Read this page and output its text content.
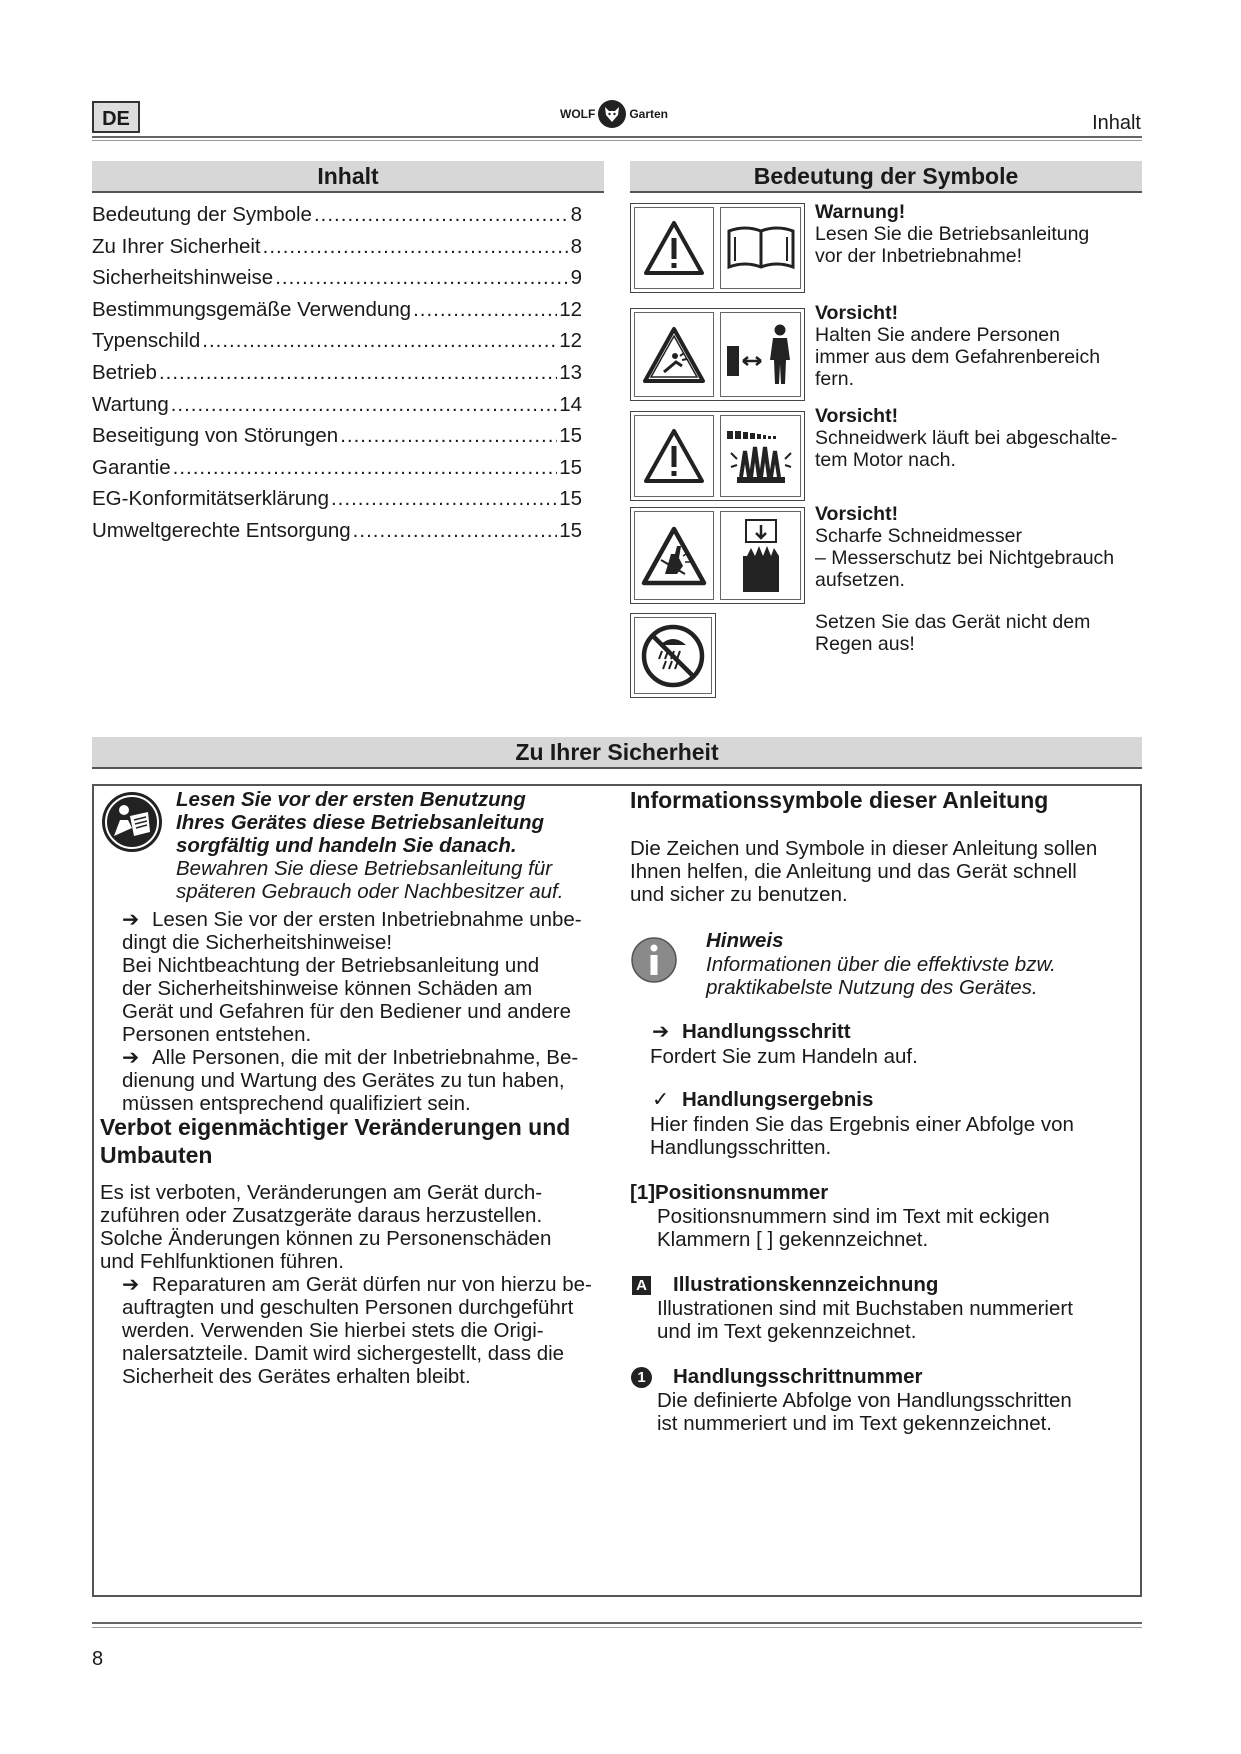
DE	WOLF	Garten	Inhalt
Inhalt
Bedeutung der Symbole .....	8
Zu Ihrer Sicherheit .....	8
Sicherheitshinweise .....	9
Bestimmungsgemäße Verwendung .....	12
Typenschild .....	12
Betrieb .....	13
Wartung .....	14
Beseitigung von Störungen .....	15
Garantie .....	15
EG-Konformitätserklärung .....	15
Umweltgerechte Entsorgung .....	15
Bedeutung der Symbole
Warnung!
Lesen Sie die Betriebsanleitung
vor der Inbetriebnahme!
Vorsicht!
Halten Sie andere Personen
immer aus dem Gefahrenbereich
fern.
Vorsicht!
Schneidwerk läuft bei abgeschalte-
tem Motor nach.
Vorsicht!
Scharfe Schneidmesser
– Messerschutz bei Nichtgebrauch
aufsetzen.
Setzen Sie das Gerät nicht dem
Regen aus!
Zu Ihrer Sicherheit
Lesen Sie vor der ersten Benutzung
Ihres Gerätes diese Betriebsanleitung
sorgfältig und handeln Sie danach.
Bewahren Sie diese Betriebsanleitung für
späteren Gebrauch oder Nachbesitzer auf.
➔ Lesen Sie vor der ersten Inbetriebnahme unbe-
dingt die Sicherheitshinweise!
Bei Nichtbeachtung der Betriebsanleitung und
der Sicherheitshinweise können Schäden am
Gerät und Gefahren für den Bediener und andere
Personen entstehen.
➔ Alle Personen, die mit der Inbetriebnahme, Be-
dienung und Wartung des Gerätes zu tun haben,
müssen entsprechend qualifiziert sein.
Verbot eigenmächtiger Veränderungen und
Umbauten
Es ist verboten, Veränderungen am Gerät durch-
zuführen oder Zusatzgeräte daraus herzustellen.
Solche Änderungen können zu Personenschäden
und Fehlfunktionen führen.
➔ Reparaturen am Gerät dürfen nur von hierzu be-
auftragten und geschulten Personen durchgeführt
werden. Verwenden Sie hierbei stets die Origi-
nalersatzteile. Damit wird sichergestellt, dass die
Sicherheit des Gerätes erhalten bleibt.
Informationssymbole dieser Anleitung
Die Zeichen und Symbole in dieser Anleitung sollen
Ihnen helfen, die Anleitung und das Gerät schnell
und sicher zu benutzen.
Hinweis
Informationen über die effektivste bzw.
praktikabelste Nutzung des Gerätes.
➔ Handlungsschritt
Fordert Sie zum Handeln auf.
✓ Handlungsergebnis
Hier finden Sie das Ergebnis einer Abfolge von
Handlungsschritten.
[1]Positionsnummer
Positionsnummern sind im Text mit eckigen
Klammern [ ] gekennzeichnet.
A Illustrationskennzeichnung
Illustrationen sind mit Buchstaben nummeriert
und im Text gekennzeichnet.
1	Handlungsschrittnummer
Die definierte Abfolge von Handlungsschritten
ist nummeriert und im Text gekennzeichnet.
8
